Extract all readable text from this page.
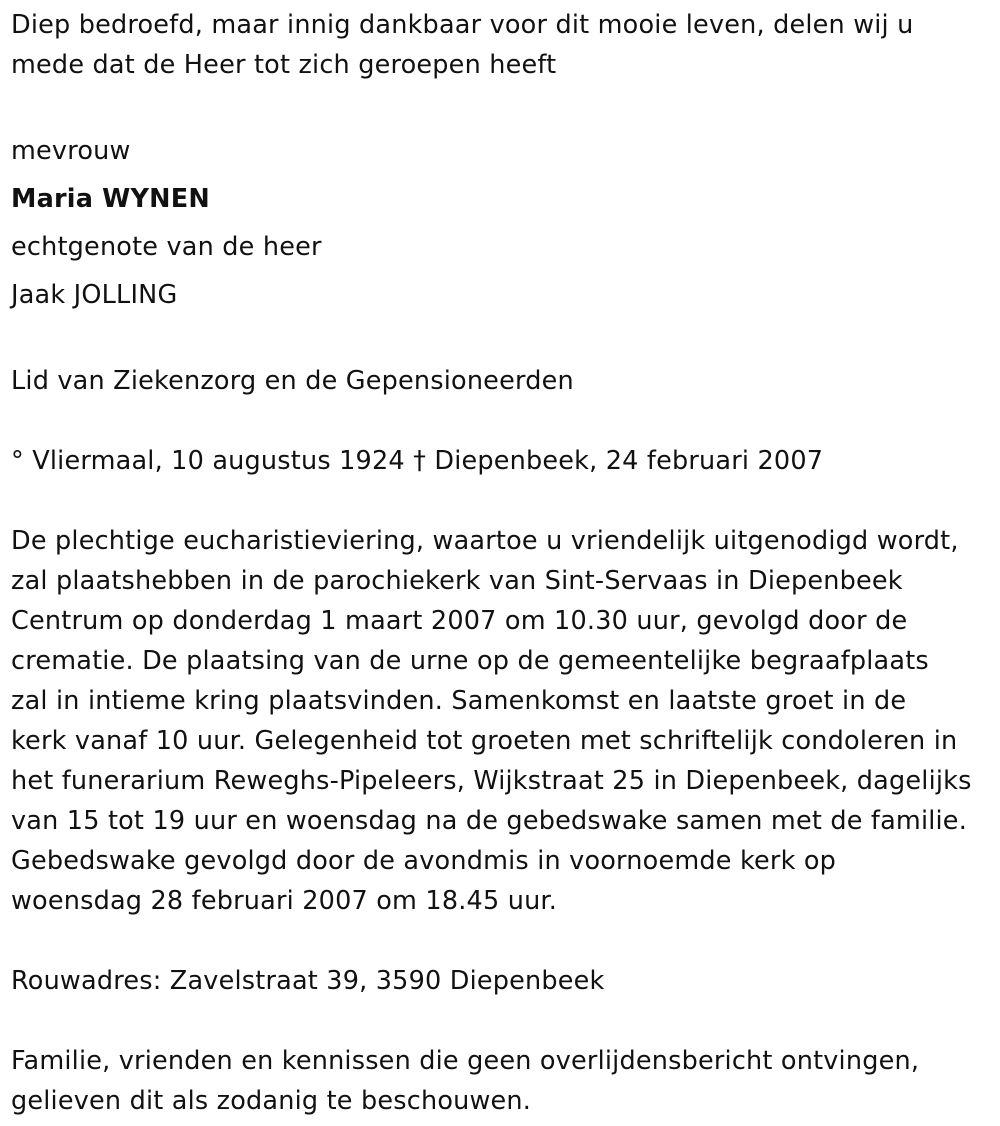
Diep bedroefd, maar innig dankbaar voor dit mooie leven, delen wij u

mede dat de Heer tot zich geroepen heeft

mevrouw

Maria WYNEN

echtgenote van de heer

Jaak JOLLING

Lid van Ziekenzorg en de Gepensioneerden

° Vliermaal, 10 augustus 1924 † Diepenbeek, 24 februari 2007

De plechtige eucharistieviering, waartoe u vriendelijk uitgenodigd wordt,

zal plaatshebben in de parochiekerk van Sint-Servaas in Diepenbeek

Centrum op donderdag 1 maart 2007 om 10.30 uur, gevolgd door de

crematie. De plaatsing van de urne op de gemeentelijke begraafplaats

zal in intieme kring plaatsvinden. Samenkomst en laatste groet in de

kerk vanaf 10 uur. Gelegenheid tot groeten met schriftelijk condoleren in

het funerarium Reweghs-Pipeleers, Wijkstraat 25 in Diepenbeek, dagelijks

van 15 tot 19 uur en woensdag na de gebedswake samen met de familie.

Gebedswake gevolgd door de avondmis in voornoemde kerk op

woensdag 28 februari 2007 om 18.45 uur.

Rouwadres: Zavelstraat 39, 3590 Diepenbeek

Familie, vrienden en kennissen die geen overlijdensbericht ontvingen,

gelieven dit als zodanig te beschouwen.
